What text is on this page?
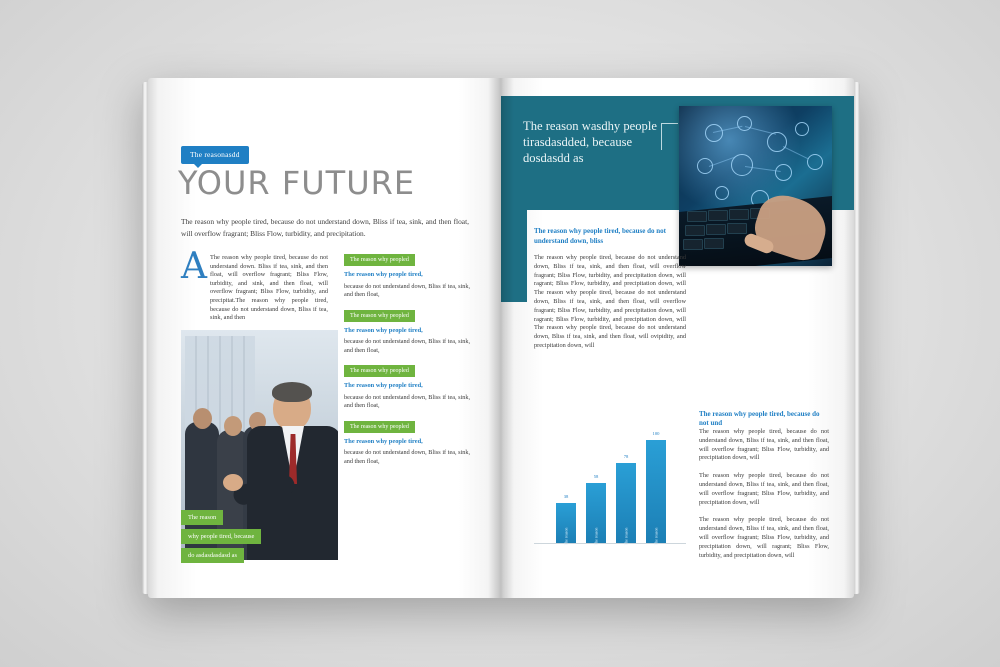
The reasonasdd
YOUR FUTURE
The reason why people tired, because do not understand down, Bliss if tea, sink, and then float, will overflow fragrant; Bliss Flow, turbidity, and precipitation.
A The reason why people tired, because do not understand down. Bliss if tea, sink, and then float, will overflow fragrant; Bliss Flow, turbidity, and sink, and then float, will overflow fragrant; Bliss Flow, turbidity, and precipitat.The reason why people tired, because do not understand down, Bliss if tea, sink, and then
The reason
why people tired, because
do asdasdasdasd as
The reason why peopled

The reason why people tired,

because do not understand down, Bliss if tea, sink, and then float,

The reason why peopled

The reason why people tired,

because do not understand down, Bliss if tea, sink, and then float,

The reason why peopled

The reason why people tired,

because do not understand down, Bliss if tea, sink, and then float,

The reason why peopled

The reason why people tired,

because do not understand down, Bliss if tea, sink, and then float,

The reason wasdhy people tirasdasdded, because dosdasdd as
The reason why people tired, because do not understand down, bliss
The reason why people tired, because do not understand down, Bliss if tea, sink, and then float, will overflow fragrant; Bliss Flow, turbidity, and precipitation down, will ragrant; Bliss Flow, turbidity, and precipitation down, will The reason why people tired, because do not understand down, Bliss if tea, sink, and then float, will overflow fragrant; Bliss Flow, turbidity, and precipitation down, will ragrant; Bliss Flow, turbidity, and precipitation down, will The reason why people tired, because do not understand down, Bliss if tea, sink, and then float, will ovipidity, and precipitation down, will
38
The reason
58
The reason
78
The reason
100
The reason
The reason why people tired, because do not und

The reason why people tired, because do not understand down, Bliss if tea, sink, and then float, will overflow fragrant; Bliss Flow, turbidity, and precipitation down, will

The reason why people tired, because do not understand down, Bliss if tea, sink, and then float, will overflow fragrant; Bliss Flow, turbidity, and precipitation down, will

The reason why people tired, because do not understand down, Bliss if tea, sink, and then float, will overflow fragrant; Bliss Flow, turbidity, and precipitation down, will ragrant; Bliss Flow, turbidity, and precipitation down, will
